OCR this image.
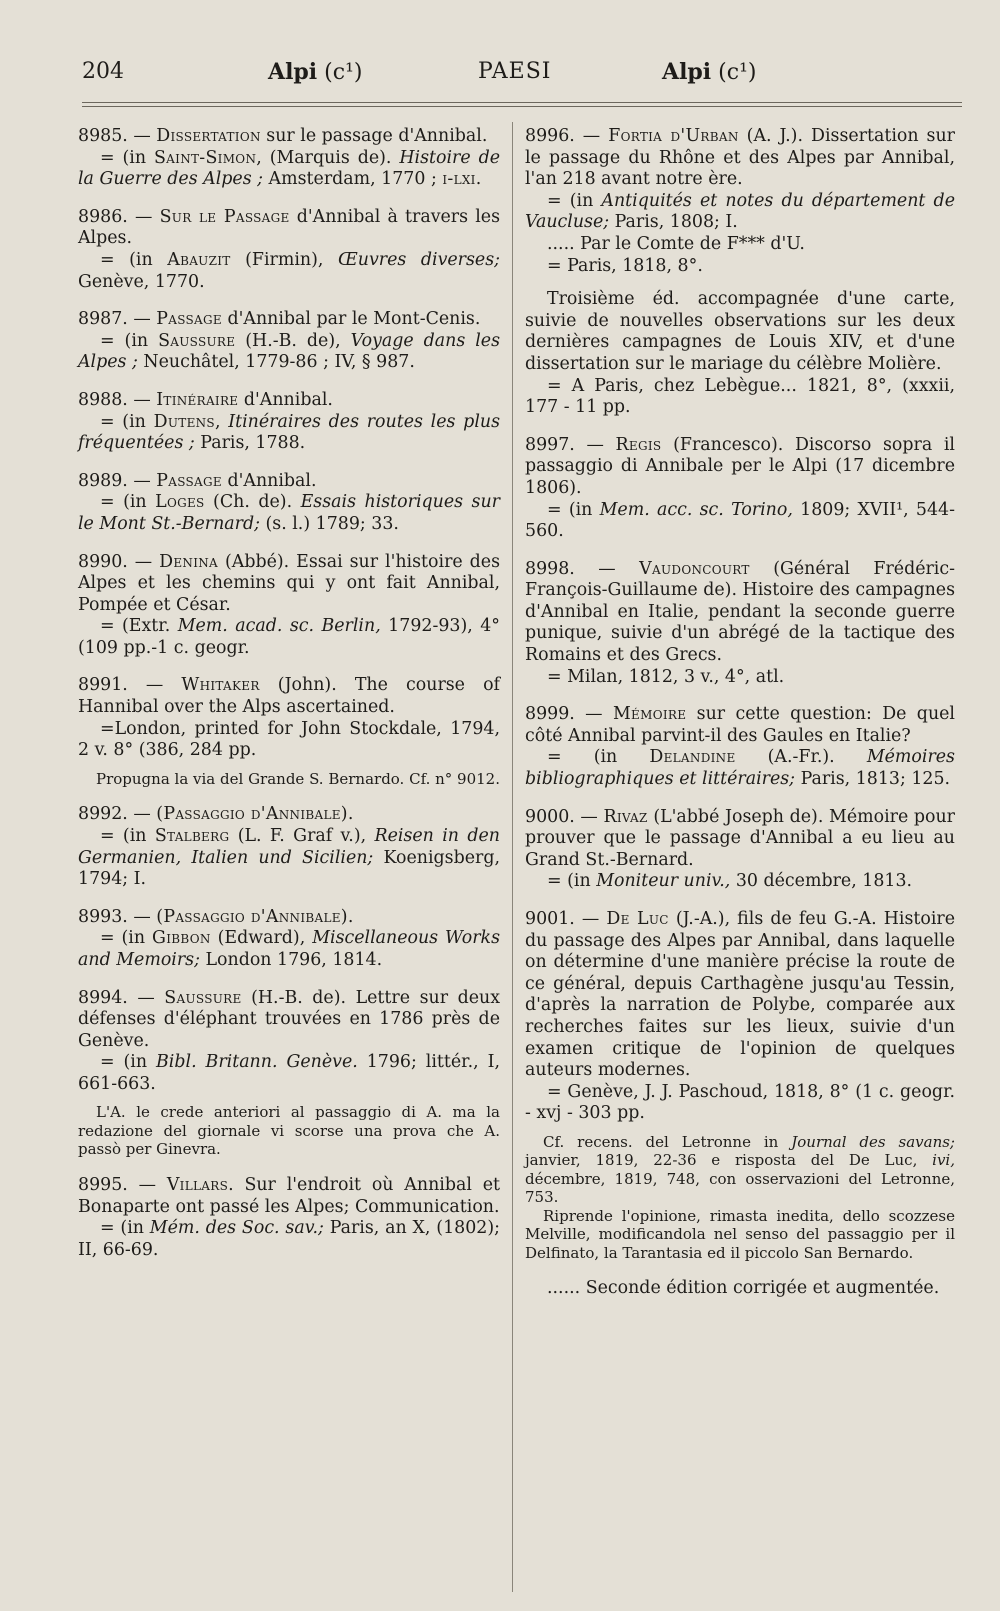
204	Alpi (c¹)	PAESI	Alpi (c¹)

8985. — Dissertation sur le passage d'Annibal.

= (in Saint-Simon, (Marquis de). Histoire de la Guerre des Alpes ; Amsterdam, 1770 ; i-lxi.

8986. — Sur le Passage d'Annibal à travers les Alpes.

= (in Abauzit (Firmin), Œuvres diverses; Genève, 1770.

8987. — Passage d'Annibal par le Mont-Cenis.

= (in Saussure (H.-B. de), Voyage dans les Alpes ; Neuchâtel, 1779-86 ; IV, § 987.

8988. — Itinéraire d'Annibal.

= (in Dutens, Itinéraires des routes les plus fréquentées ; Paris, 1788.

8989. — Passage d'Annibal.

= (in Loges (Ch. de). Essais historiques sur le Mont St.-Bernard; (s. l.) 1789; 33.

8990. — Denina (Abbé). Essai sur l'histoire des Alpes et les chemins qui y ont fait Annibal, Pompée et César.

= (Extr. Mem. acad. sc. Berlin, 1792-93), 4° (109 pp.-1 c. geogr.

8991. — Whitaker (John). The course of Hannibal over the Alps ascertained.

=London, printed for John Stockdale, 1794, 2 v. 8° (386, 284 pp.

Propugna la via del Grande S. Bernardo. Cf. n° 9012.

8992. — (Passaggio d'Annibale).

= (in Stalberg (L. F. Graf v.), Reisen in den Germanien, Italien und Sicilien; Koenigsberg, 1794; I.

8993. — (Passaggio d'Annibale).

= (in Gibbon (Edward), Miscellaneous Works and Memoirs; London 1796, 1814.

8994. — Saussure (H.-B. de). Lettre sur deux défenses d'éléphant trouvées en 1786 près de Genève.

= (in Bibl. Britann. Genève. 1796; littér., I, 661-663.

L'A. le crede anteriori al passaggio di A. ma la redazione del giornale vi scorse una prova che A. passò per Ginevra.

8995. — Villars. Sur l'endroit où Annibal et Bonaparte ont passé les Alpes; Communication.

= (in Mém. des Soc. sav.; Paris, an X, (1802); II, 66-69.

8996. — Fortia d'Urban (A. J.). Dissertation sur le passage du Rhône et des Alpes par Annibal, l'an 218 avant notre ère.

= (in Antiquités et notes du département de Vaucluse; Paris, 1808; I.

..... Par le Comte de F*** d'U.

= Paris, 1818, 8°.

Troisième éd. accompagnée d'une carte, suivie de nouvelles observations sur les deux dernières campagnes de Louis XIV, et d'une dissertation sur le mariage du célèbre Molière.

= A Paris, chez Lebègue... 1821, 8°, (xxxii, 177 - 11 pp.

8997. — Regis (Francesco). Discorso sopra il passaggio di Annibale per le Alpi (17 dicembre 1806).

= (in Mem. acc. sc. Torino, 1809; XVII¹, 544-560.

8998. — Vaudoncourt (Général Frédéric-François-Guillaume de). Histoire des campagnes d'Annibal en Italie, pendant la seconde guerre punique, suivie d'un abrégé de la tactique des Romains et des Grecs.

= Milan, 1812, 3 v., 4°, atl.

8999. — Mémoire sur cette question: De quel côté Annibal parvint-il des Gaules en Italie?

= (in Delandine (A.-Fr.). Mémoires bibliographiques et littéraires; Paris, 1813; 125.

9000. — Rivaz (L'abbé Joseph de). Mémoire pour prouver que le passage d'Annibal a eu lieu au Grand St.-Bernard.

= (in Moniteur univ., 30 décembre, 1813.

9001. — De Luc (J.-A.), fils de feu G.-A. Histoire du passage des Alpes par Annibal, dans laquelle on détermine d'une manière précise la route de ce général, depuis Carthagène jusqu'au Tessin, d'après la narration de Polybe, comparée aux recherches faites sur les lieux, suivie d'un examen critique de l'opinion de quelques auteurs modernes.

= Genève, J. J. Paschoud, 1818, 8° (1 c. geogr. - xvj - 303 pp.

Cf. recens. del Letronne in Journal des savans; janvier, 1819, 22-36 e risposta del De Luc, ivi, décembre, 1819, 748, con osservazioni del Letronne, 753.

Riprende l'opinione, rimasta inedita, dello scozzese Melville, modificandola nel senso del passaggio per il Delfinato, la Tarantasia ed il piccolo San Bernardo.

...... Seconde édition corrigée et augmentée.
